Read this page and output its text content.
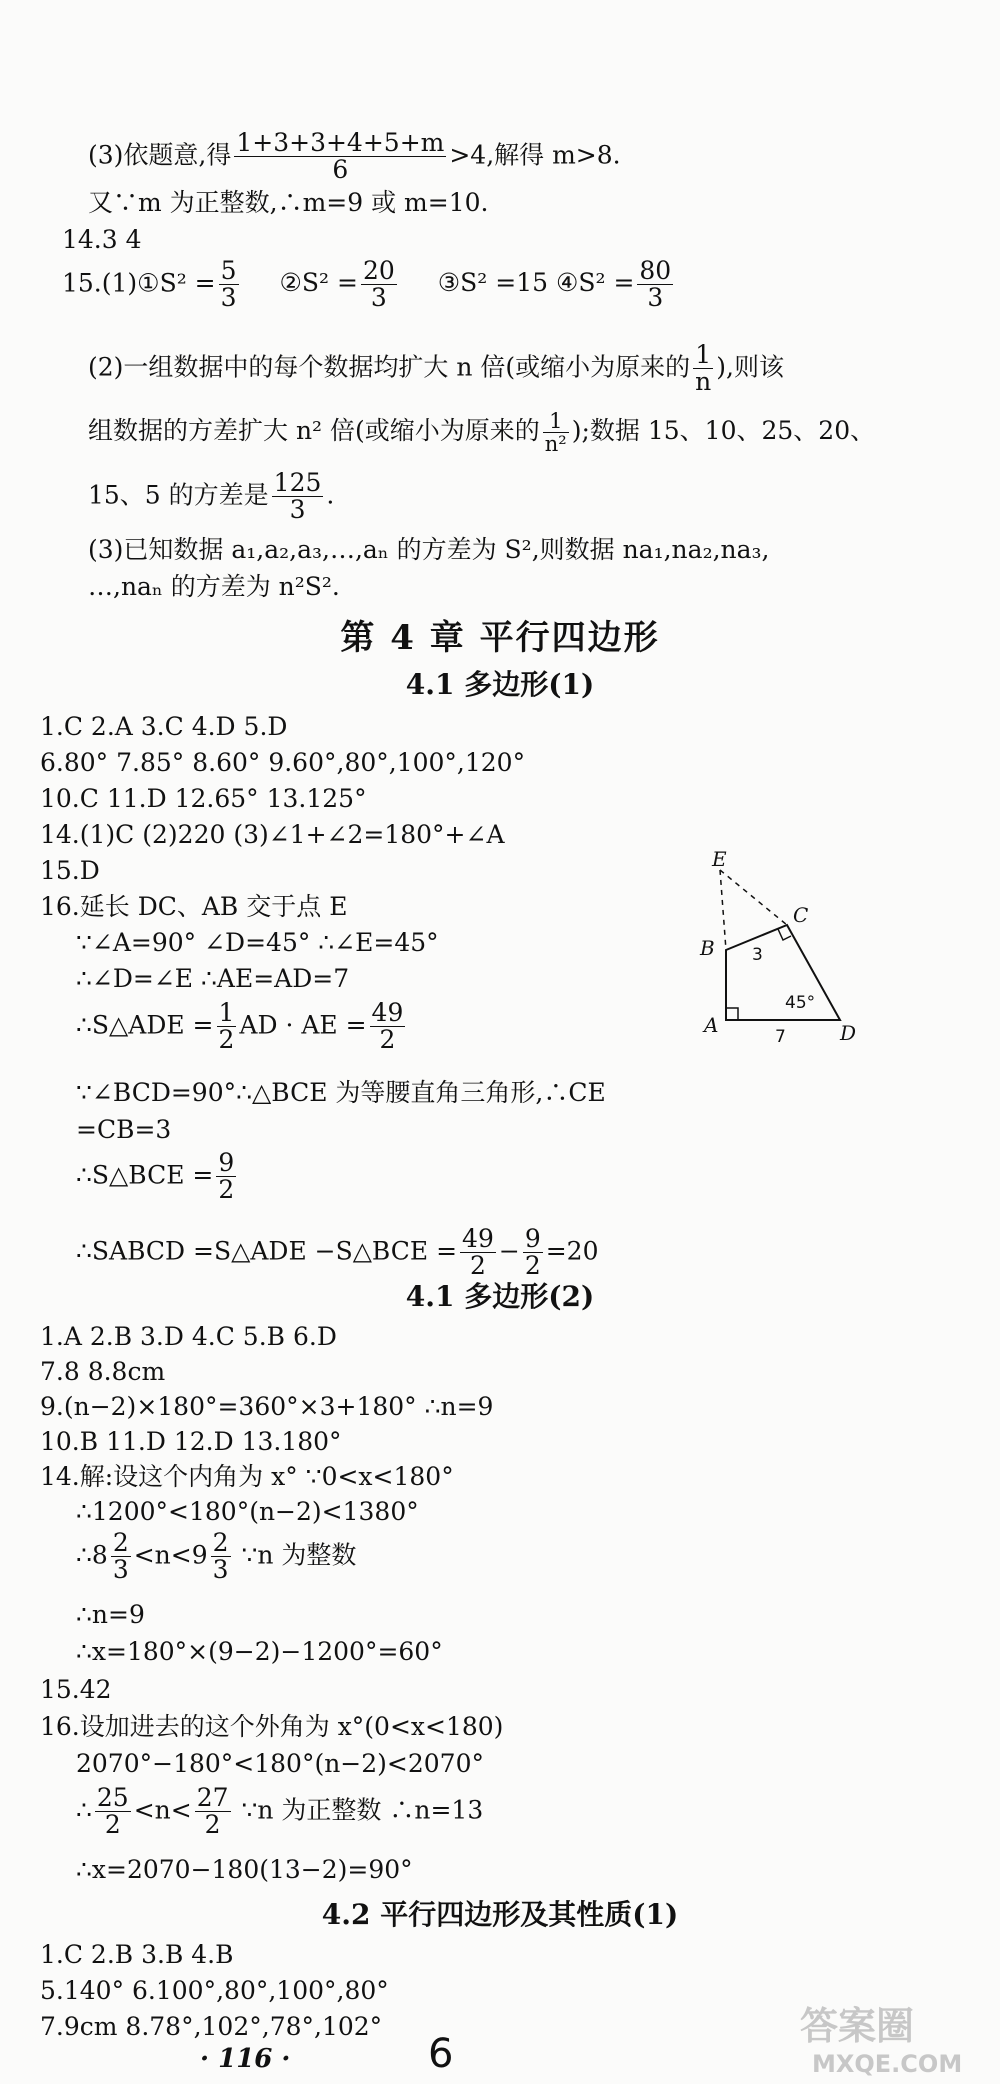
(3)依题意,得 $\frac{1+3+3+4+5+m}{6} >4$,解得 m>8.
又∵m 为正整数,∴m=9 或 m=10.
14.3 4
15.(1)①S² = $\frac{5}{3}$ ②S² = $\frac{20}{3}$ ③S² =15 ④S² = $\frac{80}{3}$
(2)一组数据中的每个数据均扩大 n 倍(或缩小为原来的 $\frac{1}{n}$ ),则该
组数据的方差扩大 n² 倍(或缩小为原来的 $\frac{1}{\text{n²}}$ );数据 15、10、25、20、
15、5 的方差是 $\frac{125}{3}$ .
(3)已知数据 a₁,a₂,a₃,…,aₙ 的方差为 S²,则数据 na₁,na₂,na₃,
…,naₙ 的方差为 n²S².
第 4 章 平行四边形
4.1 多边形(1)
1.C 2.A 3.C 4.D 5.D
6.80° 7.85° 8.60° 9.60°,80°,100°,120°
10.C 11.D 12.65° 13.125°
14.(1)C (2)220 (3)∠1+∠2=180°+∠A
15.D
16.延长 DC、AB 交于点 E
∵∠A=90° ∠D=45° ∴∠E=45°
∴∠D=∠E ∴AE=AD=7
∴S△ADE = $\frac{1}{2}$ AD · AE = $\frac{49}{2}$
∵∠BCD=90°∴△BCE 为等腰直角三角形,∴CE
=CB=3
∴S△BCE = $\frac{9}{2}$
∴SABCD =S△ADE −S△BCE = $\frac{49}{2} - \frac{9}{2} =20$
E
C
B
A	D
3
45°
7
4.1 多边形(2)
1.A 2.B 3.D 4.C 5.B 6.D
7.8 8.8cm
9.(n−2)×180°=360°×3+180° ∴n=9
10.B 11.D 12.D 13.180°
14.解:设这个内角为 x° ∵0<x<180°
∴1200°<180°(n−2)<1380°
∴8 $\frac{2}{3} <n<9 \frac{2}{3}$ ∵n 为整数
∴n=9
∴x=180°×(9−2)−1200°=60°
15.42
16.设加进去的这个外角为 x°(0<x<180)
2070°−180°<180°(n−2)<2070°
∴ $\frac{25}{2} <n< \frac{27}{2}$ ∵n 为正整数 ∴n=13
∴x=2070−180(13−2)=90°
4.2 平行四边形及其性质(1)
1.C 2.B 3.B 4.B
5.140° 6.100°,80°,100°,80°
7.9cm 8.78°,102°,78°,102°
· 116 ·	6
答案圈
MXQE.COM
